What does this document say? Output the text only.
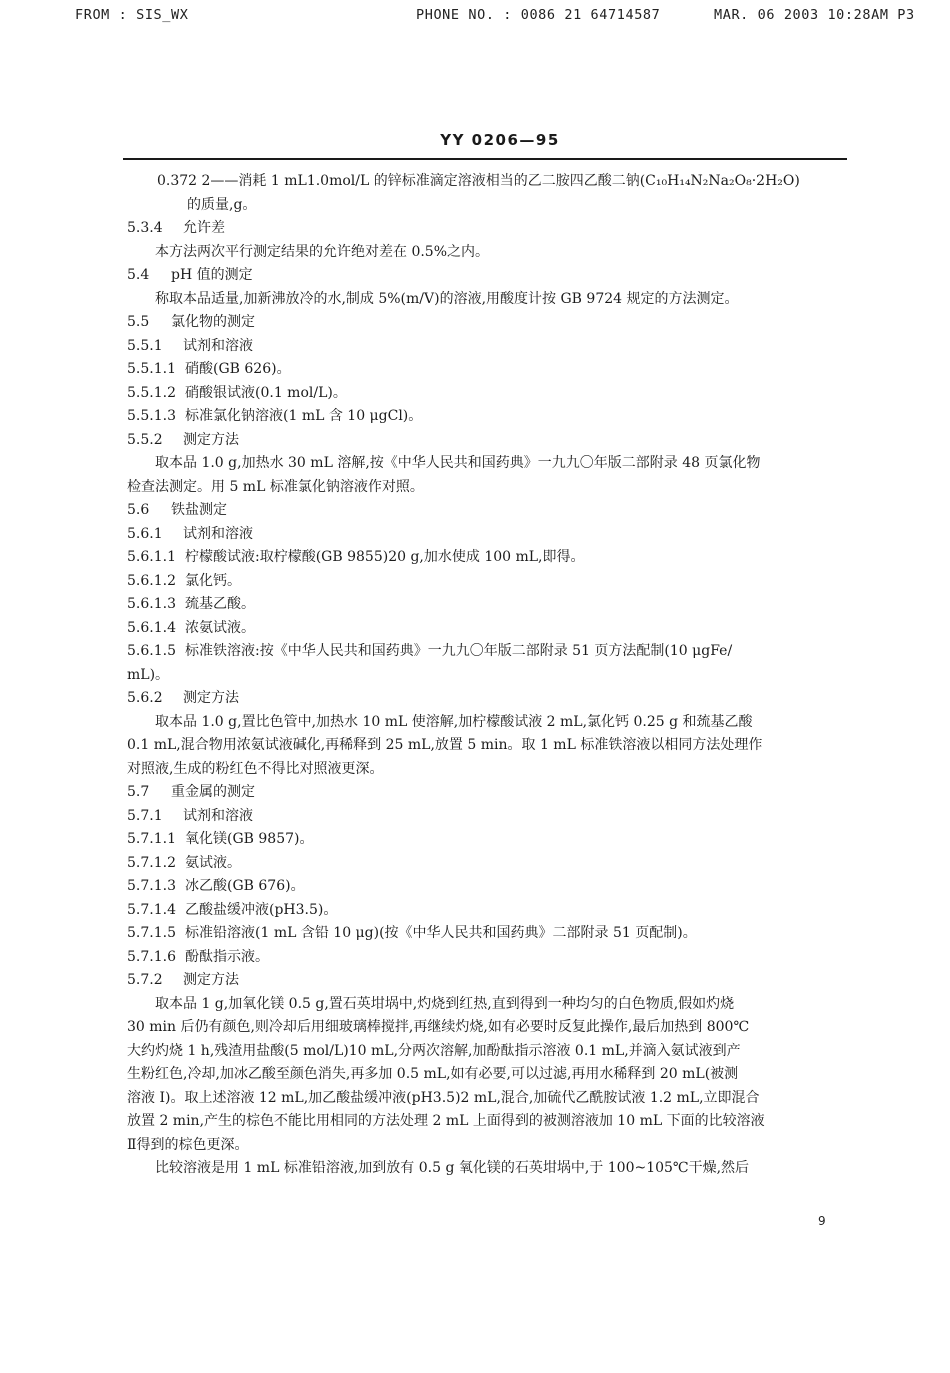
FROM : SIS_WX	PHONE NO. : 0086 21 64714587	MAR. 06 2003 10:28AM P3
YY 0206—95
0.372 2——消耗 1 mL1.0mol/L 的锌标准滴定溶液相当的乙二胺四乙酸二钠(C₁₀H₁₄N₂Na₂O₈·2H₂O)
的质量,g。
5.3.4 允许差
本方法两次平行测定结果的允许绝对差在 0.5%之内。
5.4 pH 值的测定
称取本品适量,加新沸放冷的水,制成 5%(m/V)的溶液,用酸度计按 GB 9724 规定的方法测定。
5.5 氯化物的测定
5.5.1 试剂和溶液
5.5.1.1 硝酸(GB 626)。
5.5.1.2 硝酸银试液(0.1 mol/L)。
5.5.1.3 标准氯化钠溶液(1 mL 含 10 μgCl)。
5.5.2 测定方法
取本品 1.0 g,加热水 30 mL 溶解,按《中华人民共和国药典》一九九〇年版二部附录 48 页氯化物
检查法测定。用 5 mL 标准氯化钠溶液作对照。
5.6 铁盐测定
5.6.1 试剂和溶液
5.6.1.1 柠檬酸试液:取柠檬酸(GB 9855)20 g,加水使成 100 mL,即得。
5.6.1.2 氯化钙。
5.6.1.3 巯基乙酸。
5.6.1.4 浓氨试液。
5.6.1.5 标准铁溶液:按《中华人民共和国药典》一九九〇年版二部附录 51 页方法配制(10 μgFe/
mL)。
5.6.2 测定方法
取本品 1.0 g,置比色管中,加热水 10 mL 使溶解,加柠檬酸试液 2 mL,氯化钙 0.25 g 和巯基乙酸
0.1 mL,混合物用浓氨试液碱化,再稀释到 25 mL,放置 5 min。取 1 mL 标准铁溶液以相同方法处理作
对照液,生成的粉红色不得比对照液更深。
5.7 重金属的测定
5.7.1 试剂和溶液
5.7.1.1 氧化镁(GB 9857)。
5.7.1.2 氨试液。
5.7.1.3 冰乙酸(GB 676)。
5.7.1.4 乙酸盐缓冲液(pH3.5)。
5.7.1.5 标准铅溶液(1 mL 含铅 10 μg)(按《中华人民共和国药典》二部附录 51 页配制)。
5.7.1.6 酚酞指示液。
5.7.2 测定方法
取本品 1 g,加氧化镁 0.5 g,置石英坩埚中,灼烧到红热,直到得到一种均匀的白色物质,假如灼烧
30 min 后仍有颜色,则冷却后用细玻璃棒搅拌,再继续灼烧,如有必要时反复此操作,最后加热到 800℃
大约灼烧 1 h,残渣用盐酸(5 mol/L)10 mL,分两次溶解,加酚酞指示溶液 0.1 mL,并滴入氨试液到产
生粉红色,冷却,加冰乙酸至颜色消失,再多加 0.5 mL,如有必要,可以过滤,再用水稀释到 20 mL(被测
溶液 I)。取上述溶液 12 mL,加乙酸盐缓冲液(pH3.5)2 mL,混合,加硫代乙酰胺试液 1.2 mL,立即混合
放置 2 min,产生的棕色不能比用相同的方法处理 2 mL 上面得到的被测溶液加 10 mL 下面的比较溶液
Ⅱ得到的棕色更深。
比较溶液是用 1 mL 标准铅溶液,加到放有 0.5 g 氧化镁的石英坩埚中,于 100~105℃干燥,然后
9
